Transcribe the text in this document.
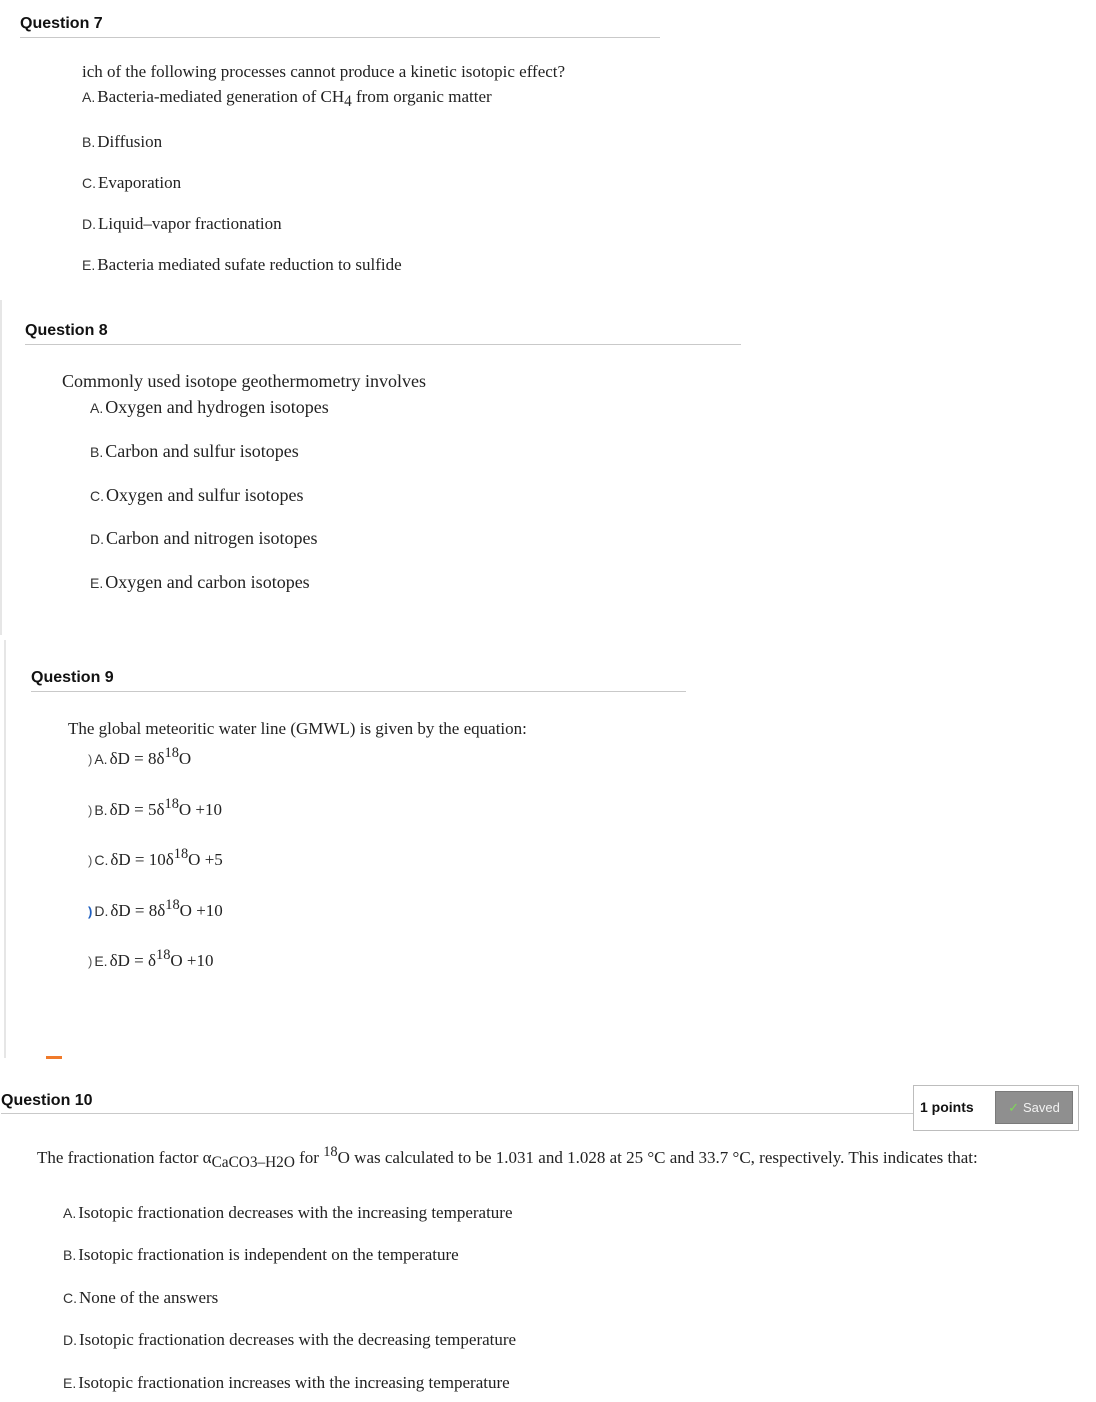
Question 7
ich of the following processes cannot produce a kinetic isotopic effect?
A. Bacteria-mediated generation of CH4 from organic matter
B. Diffusion
C. Evaporation
D. Liquid–vapor fractionation
E. Bacteria mediated sufate reduction to sulfide
Question 8
Commonly used isotope geothermometry involves
A. Oxygen and hydrogen isotopes
B. Carbon and sulfur isotopes
C. Oxygen and sulfur isotopes
D. Carbon and nitrogen isotopes
E. Oxygen and carbon isotopes
Question 9
The global meteoritic water line (GMWL) is given by the equation:
) A. $\delta D = 8\delta^{18}O$
) B. $\delta D = 5\delta^{18}O +10$
) C. $\delta D = 10\delta^{18}O +5$
) D. $\delta D = 8\delta^{18}O +10$
) E. $\delta D = \delta^{18}O +10$
Question 10	1 points	✓ Saved
The fractionation factor αCaCO3–H2O for $^{18}$O was calculated to be 1.031 and 1.028 at 25 °C and 33.7 °C, respectively. This indicates that:
A. Isotopic fractionation decreases with the increasing temperature
B. Isotopic fractionation is independent on the temperature
C. None of the answers
D. Isotopic fractionation decreases with the decreasing temperature
E. Isotopic fractionation increases with the increasing temperature
